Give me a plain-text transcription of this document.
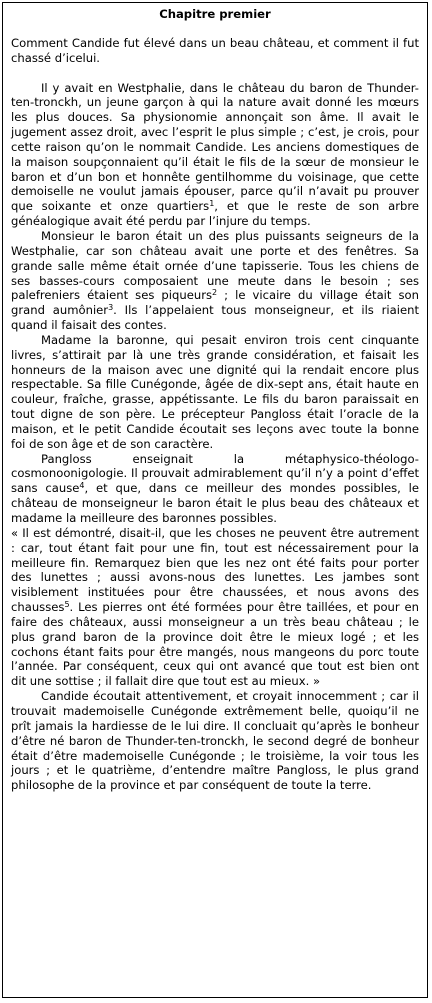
Chapitre premier
Comment Candide fut élevé dans un beau château, et comment il fut chassé d’icelui.

Il y avait en Westphalie, dans le château du baron de Thunder-ten-tronckh, un jeune garçon à qui la nature avait donné les mœurs les plus douces. Sa physionomie annonçait son âme. Il avait le jugement assez droit, avec l’esprit le plus simple ; c’est, je crois, pour cette raison qu’on le nommait Candide. Les anciens domestiques de la maison soupçonnaient qu’il était le fils de la sœur de monsieur le baron et d’un bon et honnête gentilhomme du voisinage, que cette demoiselle ne voulut jamais épouser, parce qu’il n’avait pu prouver que soixante et onze quartiers$^1$, et que le reste de son arbre généalogique avait été perdu par l’injure du temps.

Monsieur le baron était un des plus puissants seigneurs de la Westphalie, car son château avait une porte et des fenêtres. Sa grande salle même était ornée d’une tapisserie. Tous les chiens de ses basses-cours composaient une meute dans le besoin ; ses palefreniers étaient ses piqueurs$^2$ ; le vicaire du village était son grand aumônier$^3$. Ils l’appelaient tous monseigneur, et ils riaient quand il faisait des contes.

Madame la baronne, qui pesait environ trois cent cinquante livres, s’attirait par là une très grande considération, et faisait les honneurs de la maison avec une dignité qui la rendait encore plus respectable. Sa fille Cunégonde, âgée de dix-sept ans, était haute en couleur, fraîche, grasse, appétissante. Le fils du baron paraissait en tout digne de son père. Le précepteur Pangloss était l’oracle de la maison, et le petit Candide écoutait ses leçons avec toute la bonne foi de son âge et de son caractère.

Pangloss enseignait la métaphysico-théologo-cosmonoonigologie. Il prouvait admirablement qu’il n’y a point d’effet sans cause$^4$, et que, dans ce meilleur des mondes possibles, le château de monseigneur le baron était le plus beau des châteaux et madame la meilleure des baronnes possibles.

« Il est démontré, disait-il, que les choses ne peuvent être autrement : car, tout étant fait pour une fin, tout est nécessairement pour la meilleure fin. Remarquez bien que les nez ont été faits pour porter des lunettes ; aussi avons-nous des lunettes. Les jambes sont visiblement instituées pour être chaussées, et nous avons des chausses$^5$. Les pierres ont été formées pour être taillées, et pour en faire des châteaux, aussi monseigneur a un très beau château ; le plus grand baron de la province doit être le mieux logé ; et les cochons étant faits pour être mangés, nous mangeons du porc toute l’année. Par conséquent, ceux qui ont avancé que tout est bien ont dit une sottise ; il fallait dire que tout est au mieux. »

Candide écoutait attentivement, et croyait innocemment ; car il trouvait mademoiselle Cunégonde extrêmement belle, quoiqu’il ne prît jamais la hardiesse de le lui dire. Il concluait qu’après le bonheur d’être né baron de Thunder-ten-tronckh, le second degré de bonheur était d’être mademoiselle Cunégonde ; le troisième, la voir tous les jours ; et le quatrième, d’entendre maître Pangloss, le plus grand philosophe de la province et par conséquent de toute la terre.
